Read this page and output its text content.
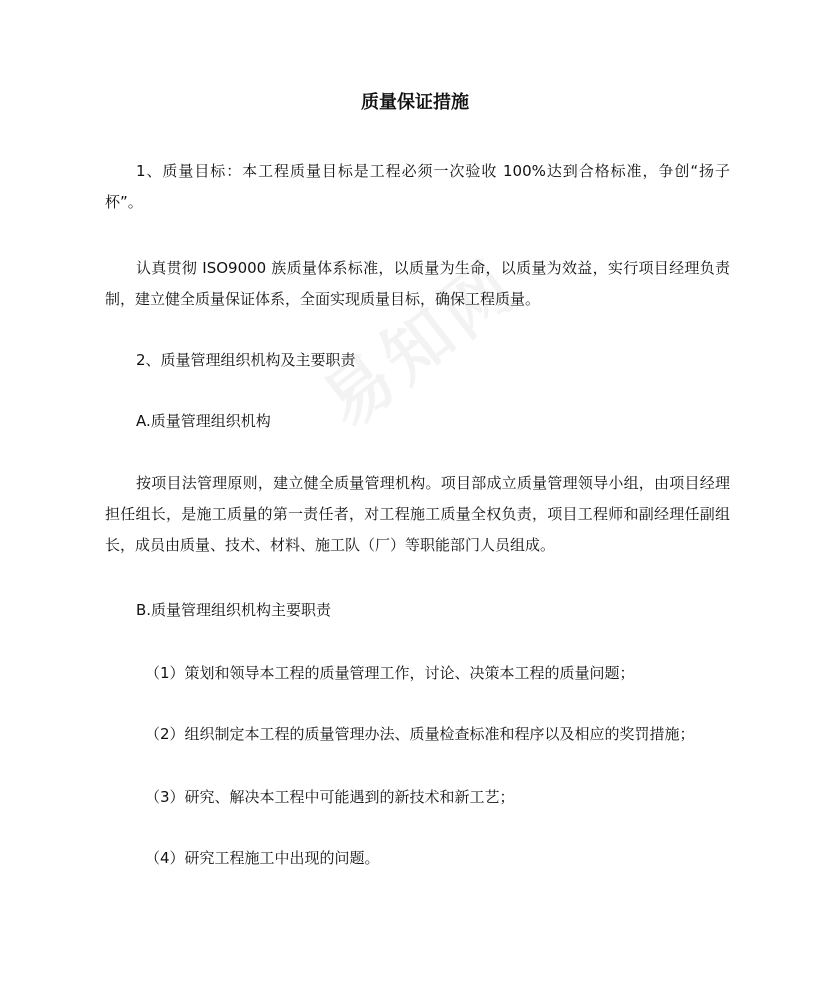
质量保证措施
1、质量目标：本工程质量目标是工程必须一次验收 100%达到合格标准，争创“扬子杯”。
认真贯彻 ISO9000 族质量体系标准，以质量为生命，以质量为效益，实行项目经理负责制，建立健全质量保证体系，全面实现质量目标，确保工程质量。
2、质量管理组织机构及主要职责
A.质量管理组织机构
按项目法管理原则，建立健全质量管理机构。项目部成立质量管理领导小组，由项目经理担任组长，是施工质量的第一责任者，对工程施工质量全权负责，项目工程师和副经理任副组长，成员由质量、技术、材料、施工队（厂）等职能部门人员组成。
B.质量管理组织机构主要职责
（1）策划和领导本工程的质量管理工作，讨论、决策本工程的质量问题；
（2）组织制定本工程的质量管理办法、质量检查标准和程序以及相应的奖罚措施；
（3）研究、解决本工程中可能遇到的新技术和新工艺；
（4）研究工程施工中出现的问题。
